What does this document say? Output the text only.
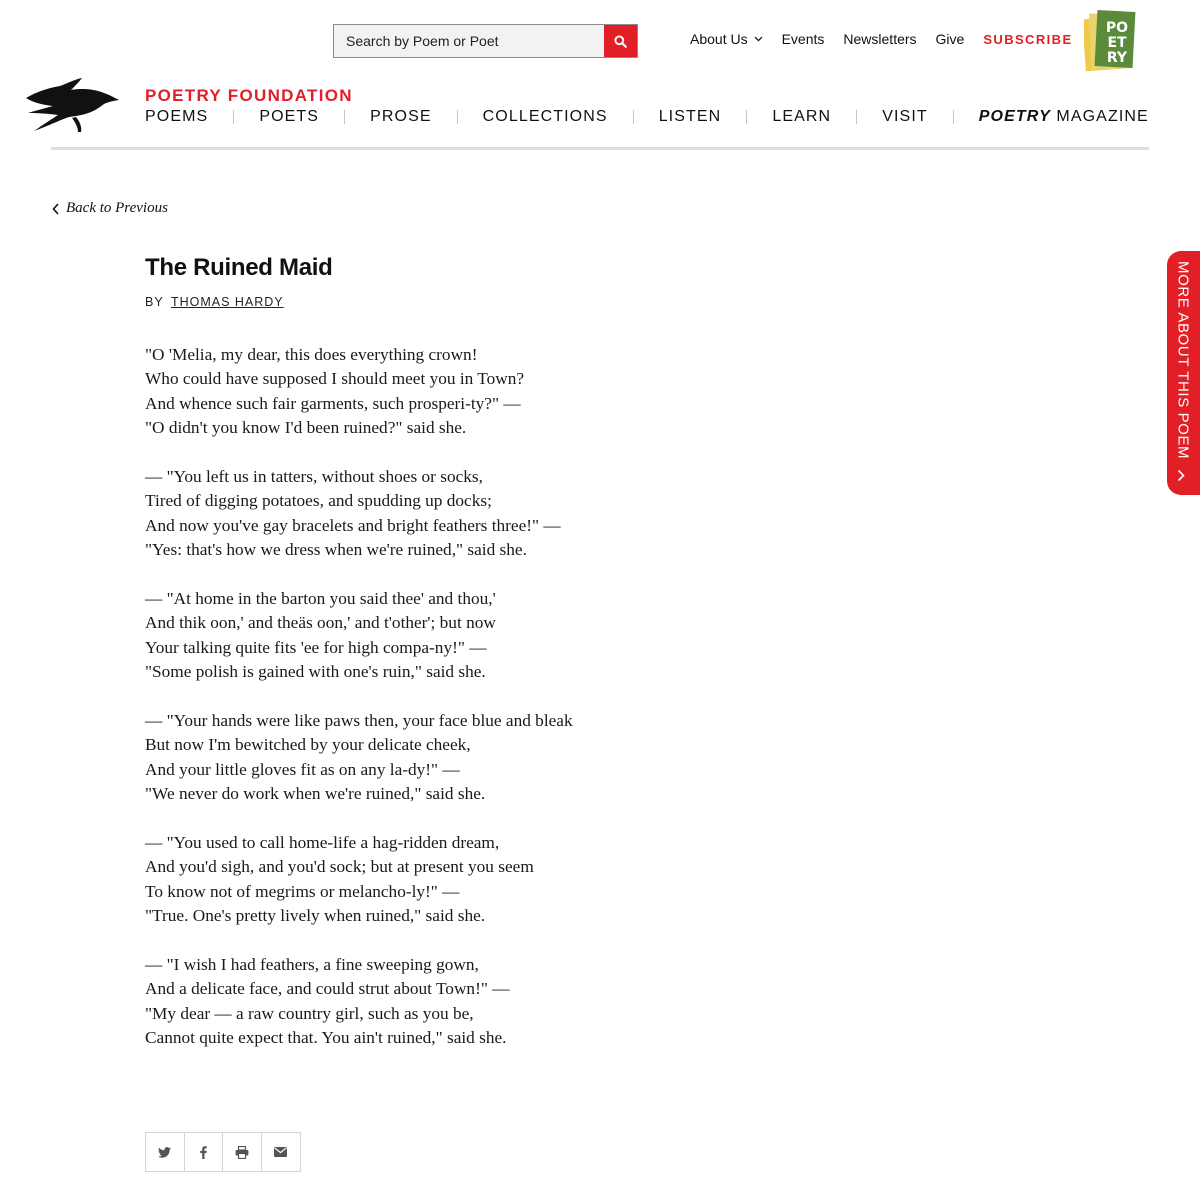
Search by Poem or Poet
About Us Events Newsletters Give SUBSCRIBE
PO
ET
RY
POETRY FOUNDATION
POEMS	POETS	PROSE	COLLECTIONS	LISTEN	LEARN	VISIT	POETRY MAGAZINE
Back to Previous
The Ruined Maid
BY THOMAS HARDY
"O 'Melia, my dear, this does everything crown!
Who could have supposed I should meet you in Town?
And whence such fair garments, such prosperi-ty?" —
"O didn't you know I'd been ruined?" said she.
— "You left us in tatters, without shoes or socks,
Tired of digging potatoes, and spudding up docks;
And now you've gay bracelets and bright feathers three!" —
"Yes: that's how we dress when we're ruined," said she.
— "At home in the barton you said thee' and thou,'
And thik oon,' and theäs oon,' and t'other'; but now
Your talking quite fits 'ee for high compa-ny!" —
"Some polish is gained with one's ruin," said she.
— "Your hands were like paws then, your face blue and bleak
But now I'm bewitched by your delicate cheek,
And your little gloves fit as on any la-dy!" —
"We never do work when we're ruined," said she.
— "You used to call home-life a hag-ridden dream,
And you'd sigh, and you'd sock; but at present you seem
To know not of megrims or melancho-ly!" —
"True. One's pretty lively when ruined," said she.
— "I wish I had feathers, a fine sweeping gown,
And a delicate face, and could strut about Town!" —
"My dear — a raw country girl, such as you be,
Cannot quite expect that. You ain't ruined," said she.
MORE ABOUT THIS POEM
